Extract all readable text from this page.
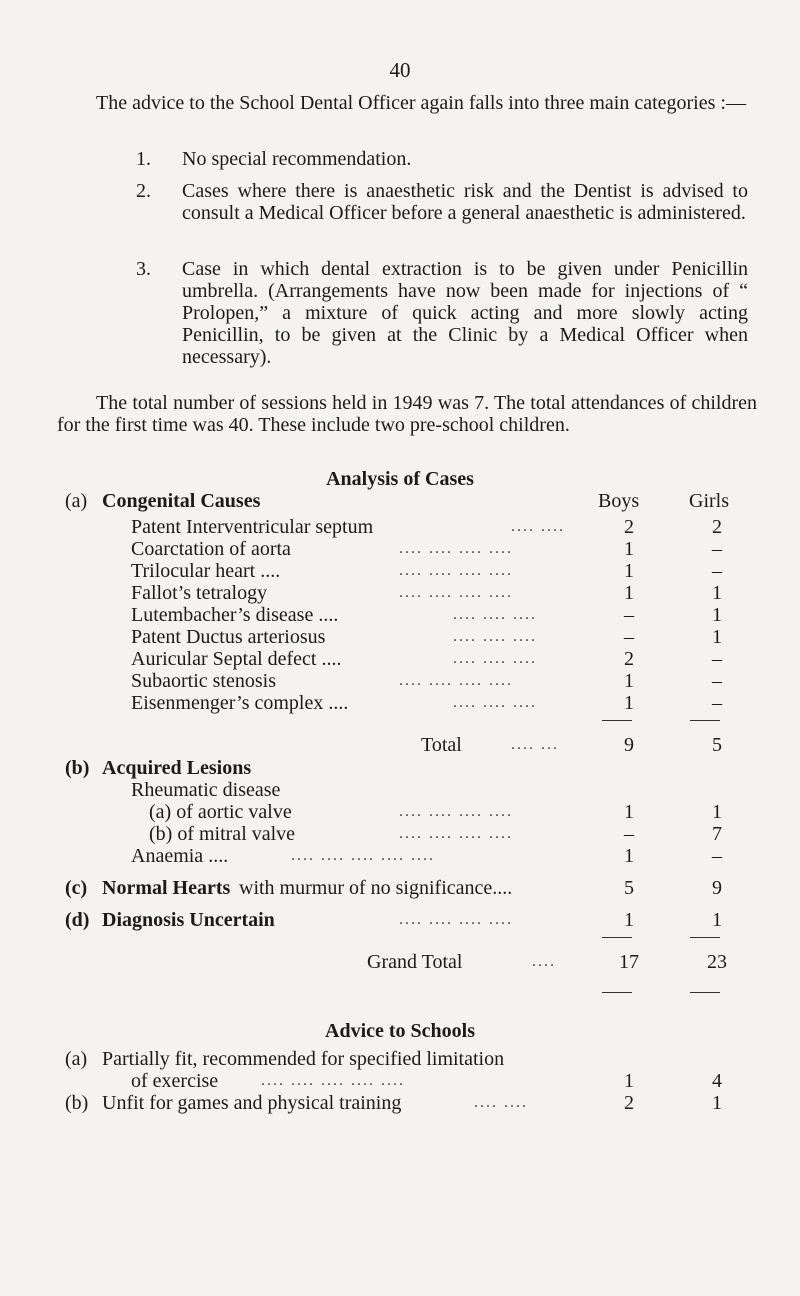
40
The advice to the School Dental Officer again falls into three main categories :—
1. No special recommendation.
2. Cases where there is anaesthetic risk and the Dentist is advised to consult a Medical Officer before a general anaesthetic is administered.
3. Case in which dental extraction is to be given under Penicillin umbrella. (Arrangements have now been made for injections of “ Prolopen,” a mixture of quick acting and more slowly acting Penicillin, to be given at the Clinic by a Medical Officer when necessary).
The total number of sessions held in 1949 was 7. The total attendances of children for the first time was 40. These include two pre-school children.
Analysis of Cases
(a) Congenital Causes	Boys Girls
Patent Interventricular septum	.... ....	2	2
Coarctation of aorta	.... .... .... ....	1	–
Trilocular heart ....	.... .... .... ....	1	–
Fallot’s tetralogy	.... .... .... ....	1	1
Lutembacher’s disease ....	.... .... ....	–	1
Patent Ductus arteriosus	.... .... ....	–	1
Auricular Septal defect ....	.... .... ....	2	–
Subaortic stenosis	.... .... .... ....	1	–
Eisenmenger’s complex ....	.... .... ....	1	–
Total	.... ...	9	5
(b) Acquired Lesions
Rheumatic disease
(a) of aortic valve	.... .... .... ....	1	1
(b) of mitral valve	.... .... .... ....	–	7
Anaemia ....	.... .... .... .... ....	1	–
(c) Normal Hearts with murmur of no significance....	5	9
(d) Diagnosis Uncertain	.... .... .... ....	1	1
Grand Total	....	17	23
Advice to Schools
(a) Partially fit, recommended for specified limitation
of exercise	.... .... .... .... ....	1	4
(b) Unfit for games and physical training	.... ....	2	1
